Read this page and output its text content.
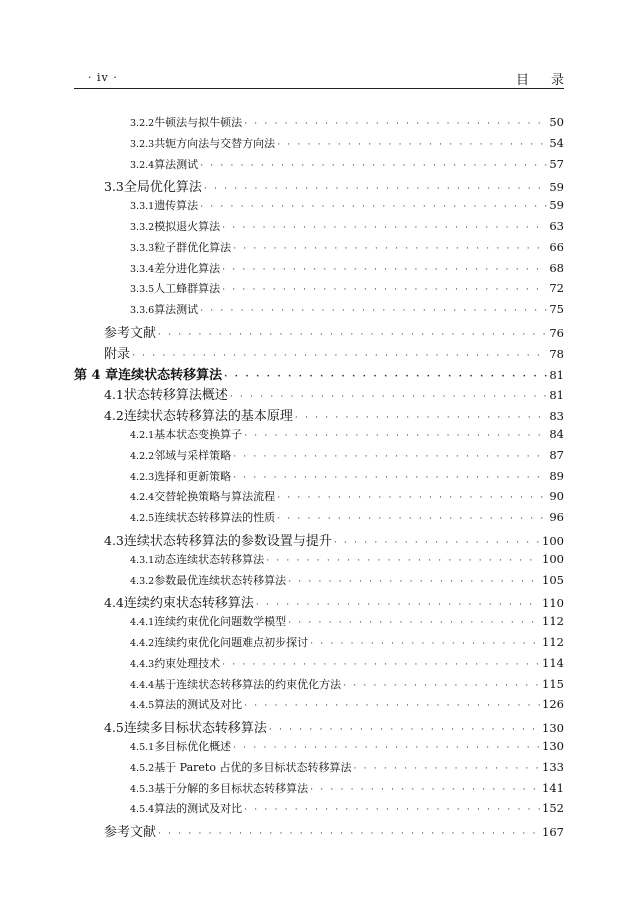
· iv ·	目录
3.2.2 牛顿法与拟牛顿法 · · ·	50
3.2.3 共轭方向法与交替方向法 · · ·	54
3.2.4 算法测试 · · ·	57
3.3 全局优化算法 · · ·	59
3.3.1 遗传算法 · · ·	59
3.3.2 模拟退火算法 · · ·	63
3.3.3 粒子群优化算法 · · ·	66
3.3.4 差分进化算法 · · ·	68
3.3.5 人工蜂群算法 · · ·	72
3.3.6 算法测试 · · ·	75
参考文献 · · ·	76
附录 · · ·	78
第 4 章 连续状态转移算法 · · ·	81
4.1 状态转移算法概述 · · ·	81
4.2 连续状态转移算法的基本原理 · · ·	83
4.2.1 基本状态变换算子 · · ·	84
4.2.2 邻域与采样策略 · · ·	87
4.2.3 选择和更新策略 · · ·	89
4.2.4 交替轮换策略与算法流程 · · ·	90
4.2.5 连续状态转移算法的性质 · · ·	96
4.3 连续状态转移算法的参数设置与提升 · · ·	100
4.3.1 动态连续状态转移算法 · · ·	100
4.3.2 参数最优连续状态转移算法 · · ·	105
4.4 连续约束状态转移算法 · · ·	110
4.4.1 连续约束优化问题数学模型 · · ·	112
4.4.2 连续约束优化问题难点初步探讨 · · ·	112
4.4.3 约束处理技术 · · ·	114
4.4.4 基于连续状态转移算法的约束优化方法 · · ·	115
4.4.5 算法的测试及对比 · · ·	126
4.5 连续多目标状态转移算法 · · ·	130
4.5.1 多目标优化概述 · · ·	130
4.5.2 基于 Pareto 占优的多目标状态转移算法 · · ·	133
4.5.3 基于分解的多目标状态转移算法 · · ·	141
4.5.4 算法的测试及对比 · · ·	152
参考文献 · · ·	167
